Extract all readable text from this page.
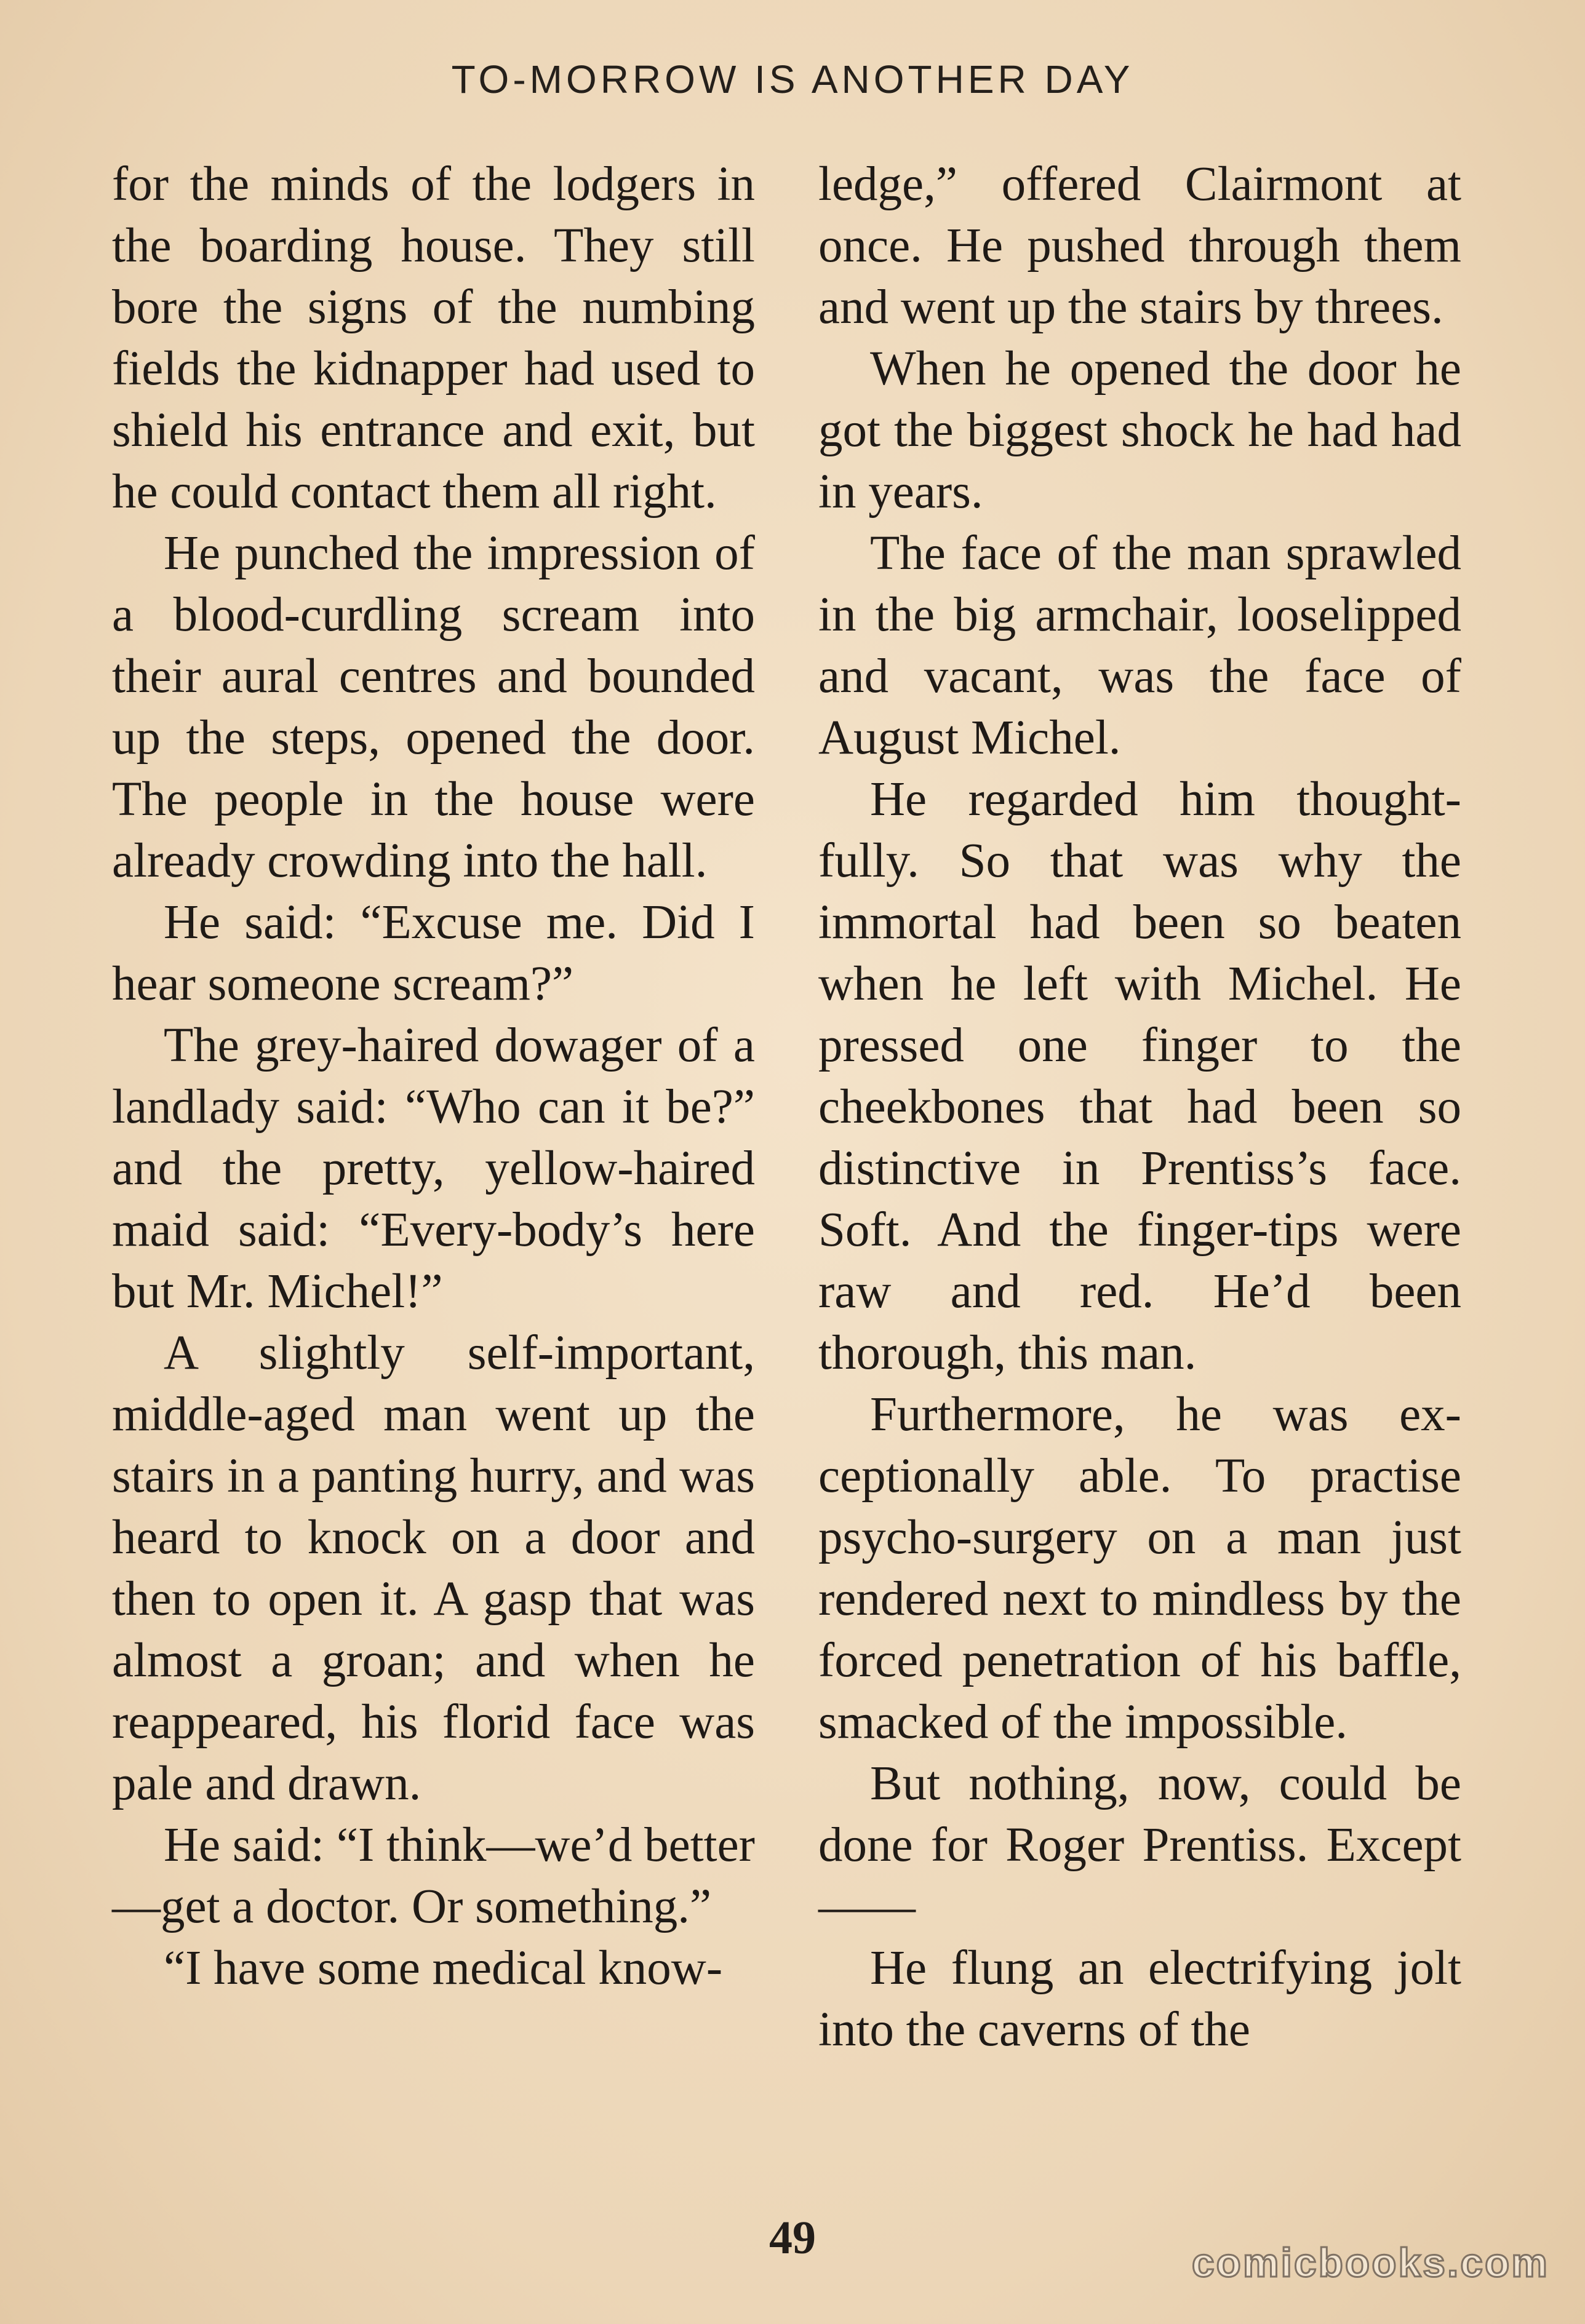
TO-MORROW IS ANOTHER DAY

for the minds of the lodgers in the boarding house. They still bore the signs of the numbing fields the kidnapper had used to shield his entrance and exit, but he could contact them all right.

He punched the impression of a blood-curdling scream into their aural centres and bounded up the steps, opened the door. The people in the house were already crowding into the hall.

He said: “Excuse me. Did I hear someone scream?”

The grey-haired dowager of a landlady said: “Who can it be?” and the pretty, yellow-haired maid said: “Every-body’s here but Mr. Michel!”

A slightly self-important, middle-aged man went up the stairs in a panting hurry, and was heard to knock on a door and then to open it. A gasp that was almost a groan; and when he reappeared, his florid face was pale and drawn.

He said: “I think—we’d better—get a doctor. Or something.”

“I have some medical know-

ledge,” offered Clairmont at once. He pushed through them and went up the stairs by threes.

When he opened the door he got the biggest shock he had had in years.

The face of the man sprawled in the big armchair, looselipped and vacant, was the face of August Michel.

He regarded him thought-fully. So that was why the immortal had been so beaten when he left with Michel. He pressed one finger to the cheekbones that had been so distinctive in Prentiss’s face. Soft. And the finger-tips were raw and red. He’d been thorough, this man.

Furthermore, he was ex-ceptionally able. To practise psycho-surgery on a man just rendered next to mindless by the forced penetration of his baffle, smacked of the impossible.

But nothing, now, could be done for Roger Prentiss. Except——

He flung an electrifying jolt into the caverns of the

49	comicbooks.com
